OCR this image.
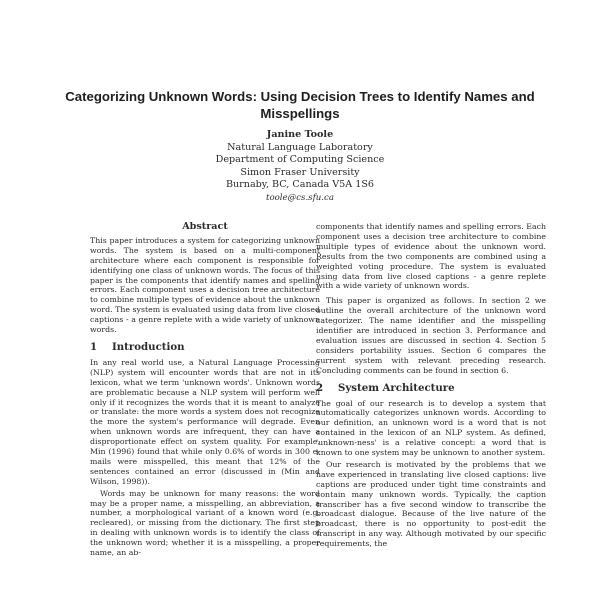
Categorizing Unknown Words: Using Decision Trees to Identify Names and Misspellings
Janine Toole
Natural Language Laboratory
Department of Computing Science
Simon Fraser University
Burnaby, BC, Canada V5A 1S6
toole@cs.sfu.ca
Abstract

This paper introduces a system for categorizing unknown words. The system is based on a multi-component architecture where each component is responsible for identifying one class of unknown words. The focus of this paper is the components that identify names and spelling errors. Each component uses a decision tree architecture to combine multiple types of evidence about the unknown word. The system is evaluated using data from live closed captions - a genre replete with a wide variety of unknown words.

1 Introduction

In any real world use, a Natural Language Processing (NLP) system will encounter words that are not in its lexicon, what we term 'unknown words'. Unknown words are problematic because a NLP system will perform well only if it recognizes the words that it is meant to analyze or translate: the more words a system does not recognize the more the system's performance will degrade. Even when unknown words are infrequent, they can have a disproportionate effect on system quality. For example, Min (1996) found that while only 0.6% of words in 300 e-mails were misspelled, this meant that 12% of the sentences contained an error (discussed in (Min and Wilson, 1998)).

Words may be unknown for many reasons: the word may be a proper name, a misspelling, an abbreviation, a number, a morphological variant of a known word (e.g. recleared), or missing from the dictionary. The first step in dealing with unknown words is to identify the class of the unknown word; whether it is a misspelling, a proper name, an ab-

components that identify names and spelling errors. Each component uses a decision tree architecture to combine multiple types of evidence about the unknown word. Results from the two components are combined using a weighted voting procedure. The system is evaluated using data from live closed captions - a genre replete with a wide variety of unknown words.

This paper is organized as follows. In section 2 we outline the overall architecture of the unknown word categorizer. The name identifier and the misspelling identifier are introduced in section 3. Performance and evaluation issues are discussed in section 4. Section 5 considers portability issues. Section 6 compares the current system with relevant preceding research. Concluding comments can be found in section 6.

2 System Architecture

The goal of our research is to develop a system that automatically categorizes unknown words. According to our definition, an unknown word is a word that is not contained in the lexicon of an NLP system. As defined, 'unknown-ness' is a relative concept: a word that is known to one system may be unknown to another system.

Our research is motivated by the problems that we have experienced in translating live closed captions: live captions are produced under tight time constraints and contain many unknown words. Typically, the caption transcriber has a five second window to transcribe the broadcast dialogue. Because of the live nature of the broadcast, there is no opportunity to post-edit the transcript in any way. Although motivated by our specific requirements, the
